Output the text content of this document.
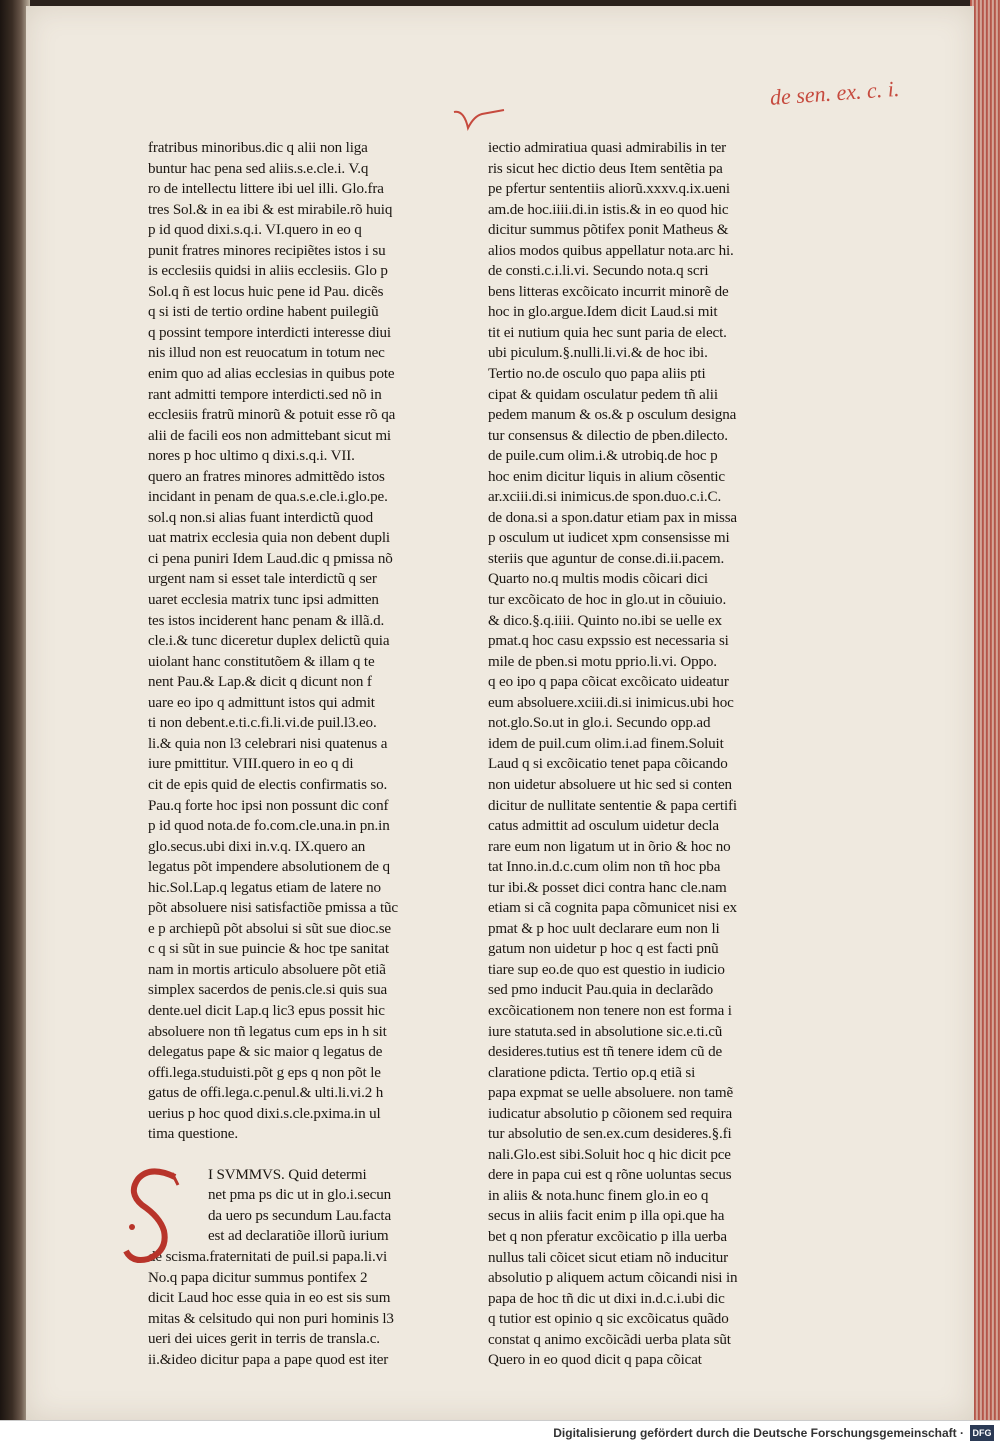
de sen. ex. c. i.
fratribus minoribus.dic q alii non liga
buntur hac pena sed aliis.s.e.cle.i. V.q
ro de intellectu littere ibi uel illi. Glo.fra
tres Sol.& in ea ibi & est mirabile.rõ huiq
p id quod dixi.s.q.i. VI.quero in eo q
punit fratres minores recipiẽtes istos i su
is ecclesiis quidsi in aliis ecclesiis. Glo p
Sol.q ñ est locus huic pene id Pau. dicẽs
q si isti de tertio ordine habent puilegiũ
q possint tempore interdicti interesse diui
nis illud non est reuocatum in totum nec
enim quo ad alias ecclesias in quibus pote
rant admitti tempore interdicti.sed nõ in
ecclesiis fratrũ minorũ & potuit esse rõ qa
alii de facili eos non admittebant sicut mi
nores p hoc ultimo q dixi.s.q.i. VII.
quero an fratres minores admittẽdo istos
incidant in penam de qua.s.e.cle.i.glo.pe.
sol.q non.si alias fuant interdictũ quod
uat matrix ecclesia quia non debent dupli
ci pena puniri Idem Laud.dic q pmissa nõ
urgent nam si esset tale interdictũ q ser
uaret ecclesia matrix tunc ipsi admitten
tes istos inciderent hanc penam & illã.d.
cle.i.& tunc diceretur duplex delictũ quia
uiolant hanc constitutõem & illam q te
nent Pau.& Lap.& dicit q dicunt non f
uare eo ipo q admittunt istos qui admit
ti non debent.e.ti.c.fi.li.vi.de puil.l3.eo.
li.& quia non l3 celebrari nisi quatenus a
iure pmittitur. VIII.quero in eo q di
cit de epis quid de electis confirmatis so.
Pau.q forte hoc ipsi non possunt dic conf
p id quod nota.de fo.com.cle.una.in pn.in
glo.secus.ubi dixi in.v.q. IX.quero an
legatus põt impendere absolutionem de q
hic.Sol.Lap.q legatus etiam de latere no
põt absoluere nisi satisfactiõe pmissa a tũc
e p archiepũ põt absolui si sũt sue dioc.se
c q si sũt in sue puincie & hoc tpe sanitat
nam in mortis articulo absoluere põt etiã
simplex sacerdos de penis.cle.si quis sua
dente.uel dicit Lap.q lic3 epus possit hic
absoluere non tñ legatus cum eps in h sit
delegatus pape & sic maior q legatus de
offi.lega.studuisti.põt g eps q non põt le
gatus de offi.lega.c.penul.& ulti.li.vi.2 h
uerius p hoc quod dixi.s.cle.pxima.in ul
tima questione.
I SVMMVS. Quid determi
net pma ps dic ut in glo.i.secun
da uero ps secundum Lau.facta
est ad declaratiõe illorũ iurium
de scisma.fraternitati de puil.si papa.li.vi
No.q papa dicitur summus pontifex 2
dicit Laud hoc esse quia in eo est sis sum
mitas & celsitudo qui non puri hominis l3
ueri dei uices gerit in terris de transla.c.
ii.&ideo dicitur papa a pape quod est iter
iectio admiratiua quasi admirabilis in ter
ris sicut hec dictio deus Item sentẽtia pa
pe pfertur sententiis aliorũ.xxxv.q.ix.ueni
am.de hoc.iiii.di.in istis.& in eo quod hic
dicitur summus põtifex ponit Matheus &
alios modos quibus appellatur nota.arc hi.
de consti.c.i.li.vi. Secundo nota.q scri
bens litteras excõicato incurrit minorẽ de
hoc in glo.argue.Idem dicit Laud.si mit
tit ei nutium quia hec sunt paria de elect.
ubi piculum.§.nulli.li.vi.& de hoc ibi.
Tertio no.de osculo quo papa aliis pti
cipat & quidam osculatur pedem tñ alii
pedem manum & os.& p osculum designa
tur consensus & dilectio de pben.dilecto.
de puile.cum olim.i.& utrobiq.de hoc p
hoc enim dicitur liquis in alium cõsentic
ar.xciii.di.si inimicus.de spon.duo.c.i.C.
de dona.si a spon.datur etiam pax in missa
p osculum ut iudicet xpm consensisse mi
steriis que aguntur de conse.di.ii.pacem.
Quarto no.q multis modis cõicari dici
tur excõicato de hoc in glo.ut in cõuiuio.
& dico.§.q.iiii. Quinto no.ibi se uelle ex
pmat.q hoc casu expssio est necessaria si
mile de pben.si motu pprio.li.vi. Oppo.
q eo ipo q papa cõicat excõicato uideatur
eum absoluere.xciii.di.si inimicus.ubi hoc
not.glo.So.ut in glo.i. Secundo opp.ad
idem de puil.cum olim.i.ad finem.Soluit
Laud q si excõicatio tenet papa cõicando
non uidetur absoluere ut hic sed si conten
dicitur de nullitate sententie & papa certifi
catus admittit ad osculum uidetur decla
rare eum non ligatum ut in õrio & hoc no
tat Inno.in.d.c.cum olim non tñ hoc pba
tur ibi.& posset dici contra hanc cle.nam
etiam si cã cognita papa cõmunicet nisi ex
pmat & p hoc uult declarare eum non li
gatum non uidetur p hoc q est facti pnũ
tiare sup eo.de quo est questio in iudicio
sed pmo inducit Pau.quia in declarãdo
excõicationem non tenere non est forma i
iure statuta.sed in absolutione sic.e.ti.cũ
desideres.tutius est tñ tenere idem cũ de
claratione pdicta. Tertio op.q etiã si
papa expmat se uelle absoluere. non tamẽ
iudicatur absolutio p cõionem sed requira
tur absolutio de sen.ex.cum desideres.§.fi
nali.Glo.est sibi.Soluit hoc q hic dicit pce
dere in papa cui est q rõne uoluntas secus
in aliis & nota.hunc finem glo.in eo q
secus in aliis facit enim p illa opi.que ha
bet q non pferatur excõicatio p illa uerba
nullus tali cõicet sicut etiam nõ inducitur
absolutio p aliquem actum cõicandi nisi in
papa de hoc tñ dic ut dixi in.d.c.i.ubi dic
q tutior est opinio q sic excõicatus quãdo
constat q animo excõicãdi uerba plata sũt
Quero in eo quod dicit q papa cõicat
Digitalisierung gefördert durch die Deutsche Forschungsgemeinschaft · DFG
